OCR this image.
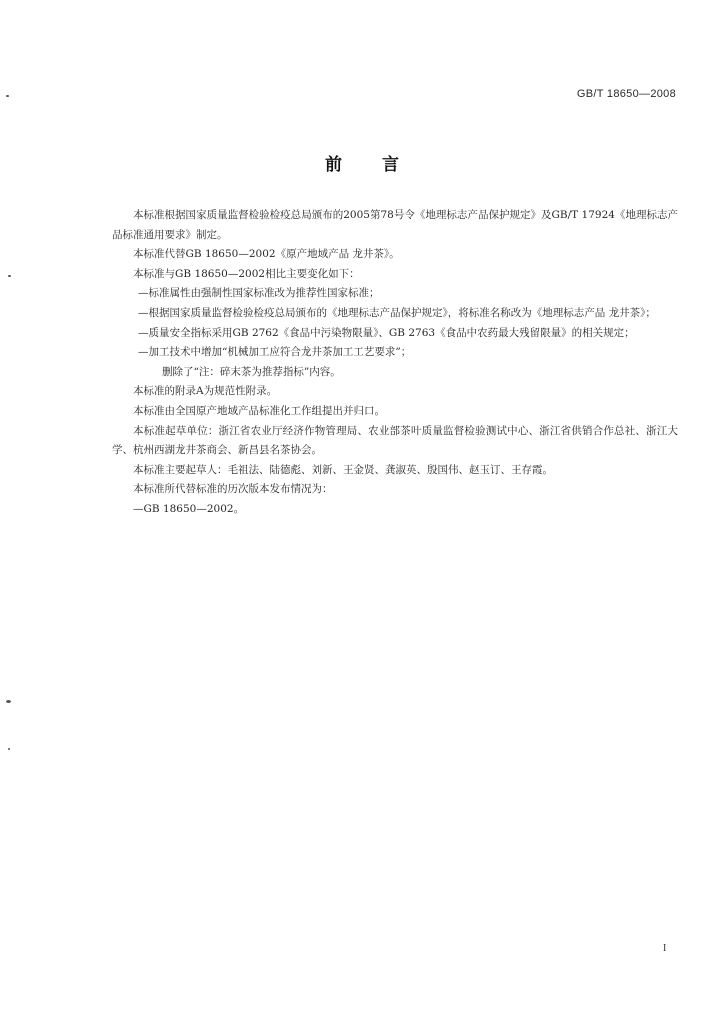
GB/T 18650—2008
前言

本标准根据国家质量监督检验检疫总局颁布的2005第78号令《地理标志产品保护规定》及GB/T 17924《地理标志产品标准通用要求》制定。

本标准代替GB 18650—2002《原产地域产品 龙井茶》。

本标准与GB 18650—2002相比主要变化如下：

—标准属性由强制性国家标准改为推荐性国家标准；

—根据国家质量监督检验检疫总局颁布的《地理标志产品保护规定》，将标准名称改为《地理标志产品 龙井茶》；

—质量安全指标采用GB 2762《食品中污染物限量》、GB 2763《食品中农药最大残留限量》的相关规定；

—加工技术中增加“机械加工应符合龙井茶加工工艺要求”；

删除了“注：碎末茶为推荐指标”内容。

本标准的附录A为规范性附录。

本标准由全国原产地域产品标准化工作组提出并归口。

本标准起草单位：浙江省农业厅经济作物管理局、农业部茶叶质量监督检验测试中心、浙江省供销合作总社、浙江大学、杭州西湖龙井茶商会、新昌县名茶协会。

本标准主要起草人：毛祖法、陆德彪、刘新、王金贤、龚淑英、殷国伟、赵玉订、王存霞。

本标准所代替标准的历次版本发布情况为：

—GB 18650—2002。

I
